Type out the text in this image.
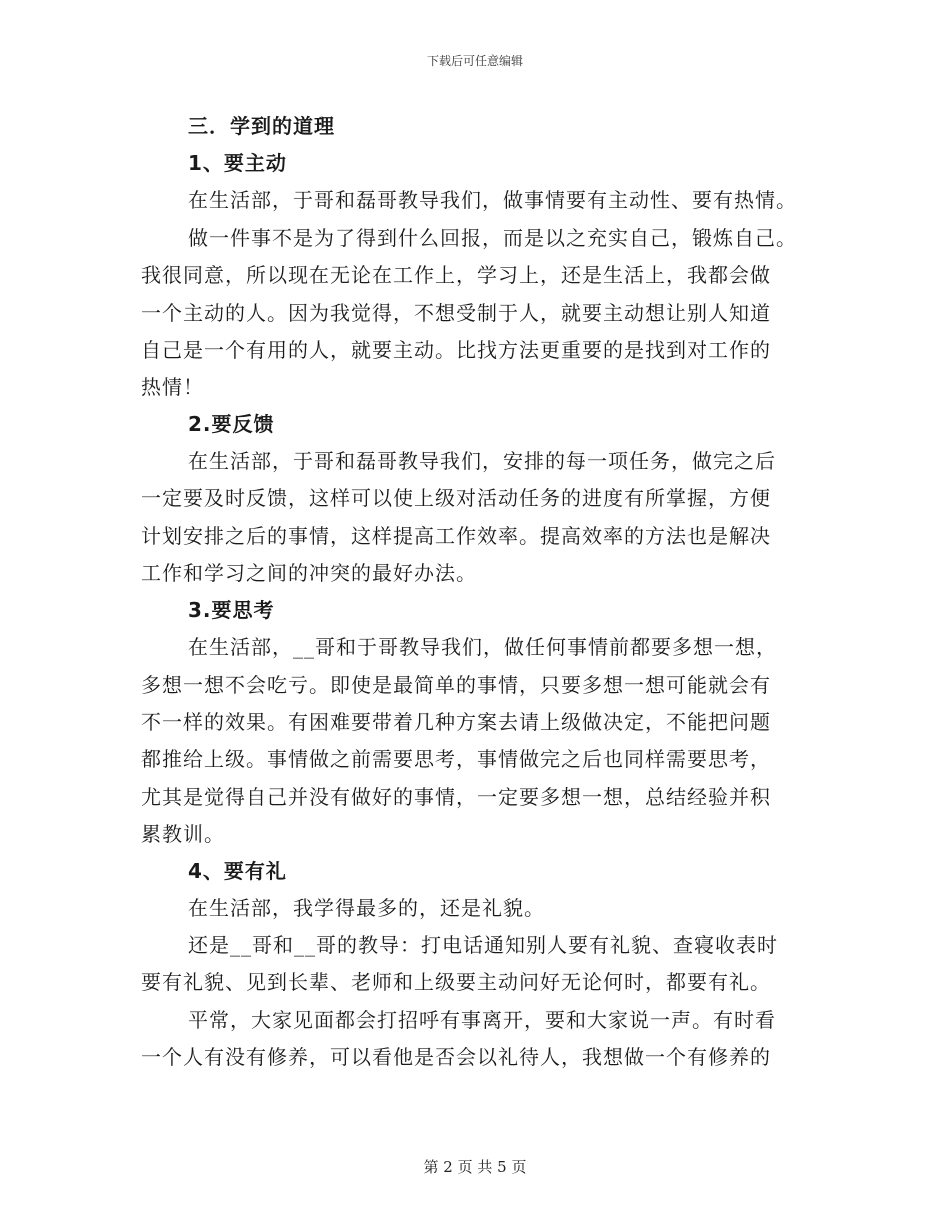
下载后可任意编辑
三．学到的道理
1、要主动
在生活部，于哥和磊哥教导我们，做事情要有主动性、要有热情。
做一件事不是为了得到什么回报，而是以之充实自己，锻炼自己。
我很同意，所以现在无论在工作上，学习上，还是生活上，我都会做
一个主动的人。因为我觉得，不想受制于人，就要主动想让别人知道
自己是一个有用的人，就要主动。比找方法更重要的是找到对工作的
热情！
2.要反馈
在生活部，于哥和磊哥教导我们，安排的每一项任务，做完之后
一定要及时反馈，这样可以使上级对活动任务的进度有所掌握，方便
计划安排之后的事情，这样提高工作效率。提高效率的方法也是解决
工作和学习之间的冲突的最好办法。
3.要思考
在生活部，__哥和于哥教导我们，做任何事情前都要多想一想，
多想一想不会吃亏。即使是最简单的事情，只要多想一想可能就会有
不一样的效果。有困难要带着几种方案去请上级做决定，不能把问题
都推给上级。事情做之前需要思考，事情做完之后也同样需要思考，
尤其是觉得自己并没有做好的事情，一定要多想一想，总结经验并积
累教训。
4、要有礼
在生活部，我学得最多的，还是礼貌。
还是__哥和__哥的教导：打电话通知别人要有礼貌、查寝收表时
要有礼貌、见到长辈、老师和上级要主动问好无论何时，都要有礼。
平常，大家见面都会打招呼有事离开，要和大家说一声。有时看
一个人有没有修养，可以看他是否会以礼待人，我想做一个有修养的
第 2 页 共 5 页
